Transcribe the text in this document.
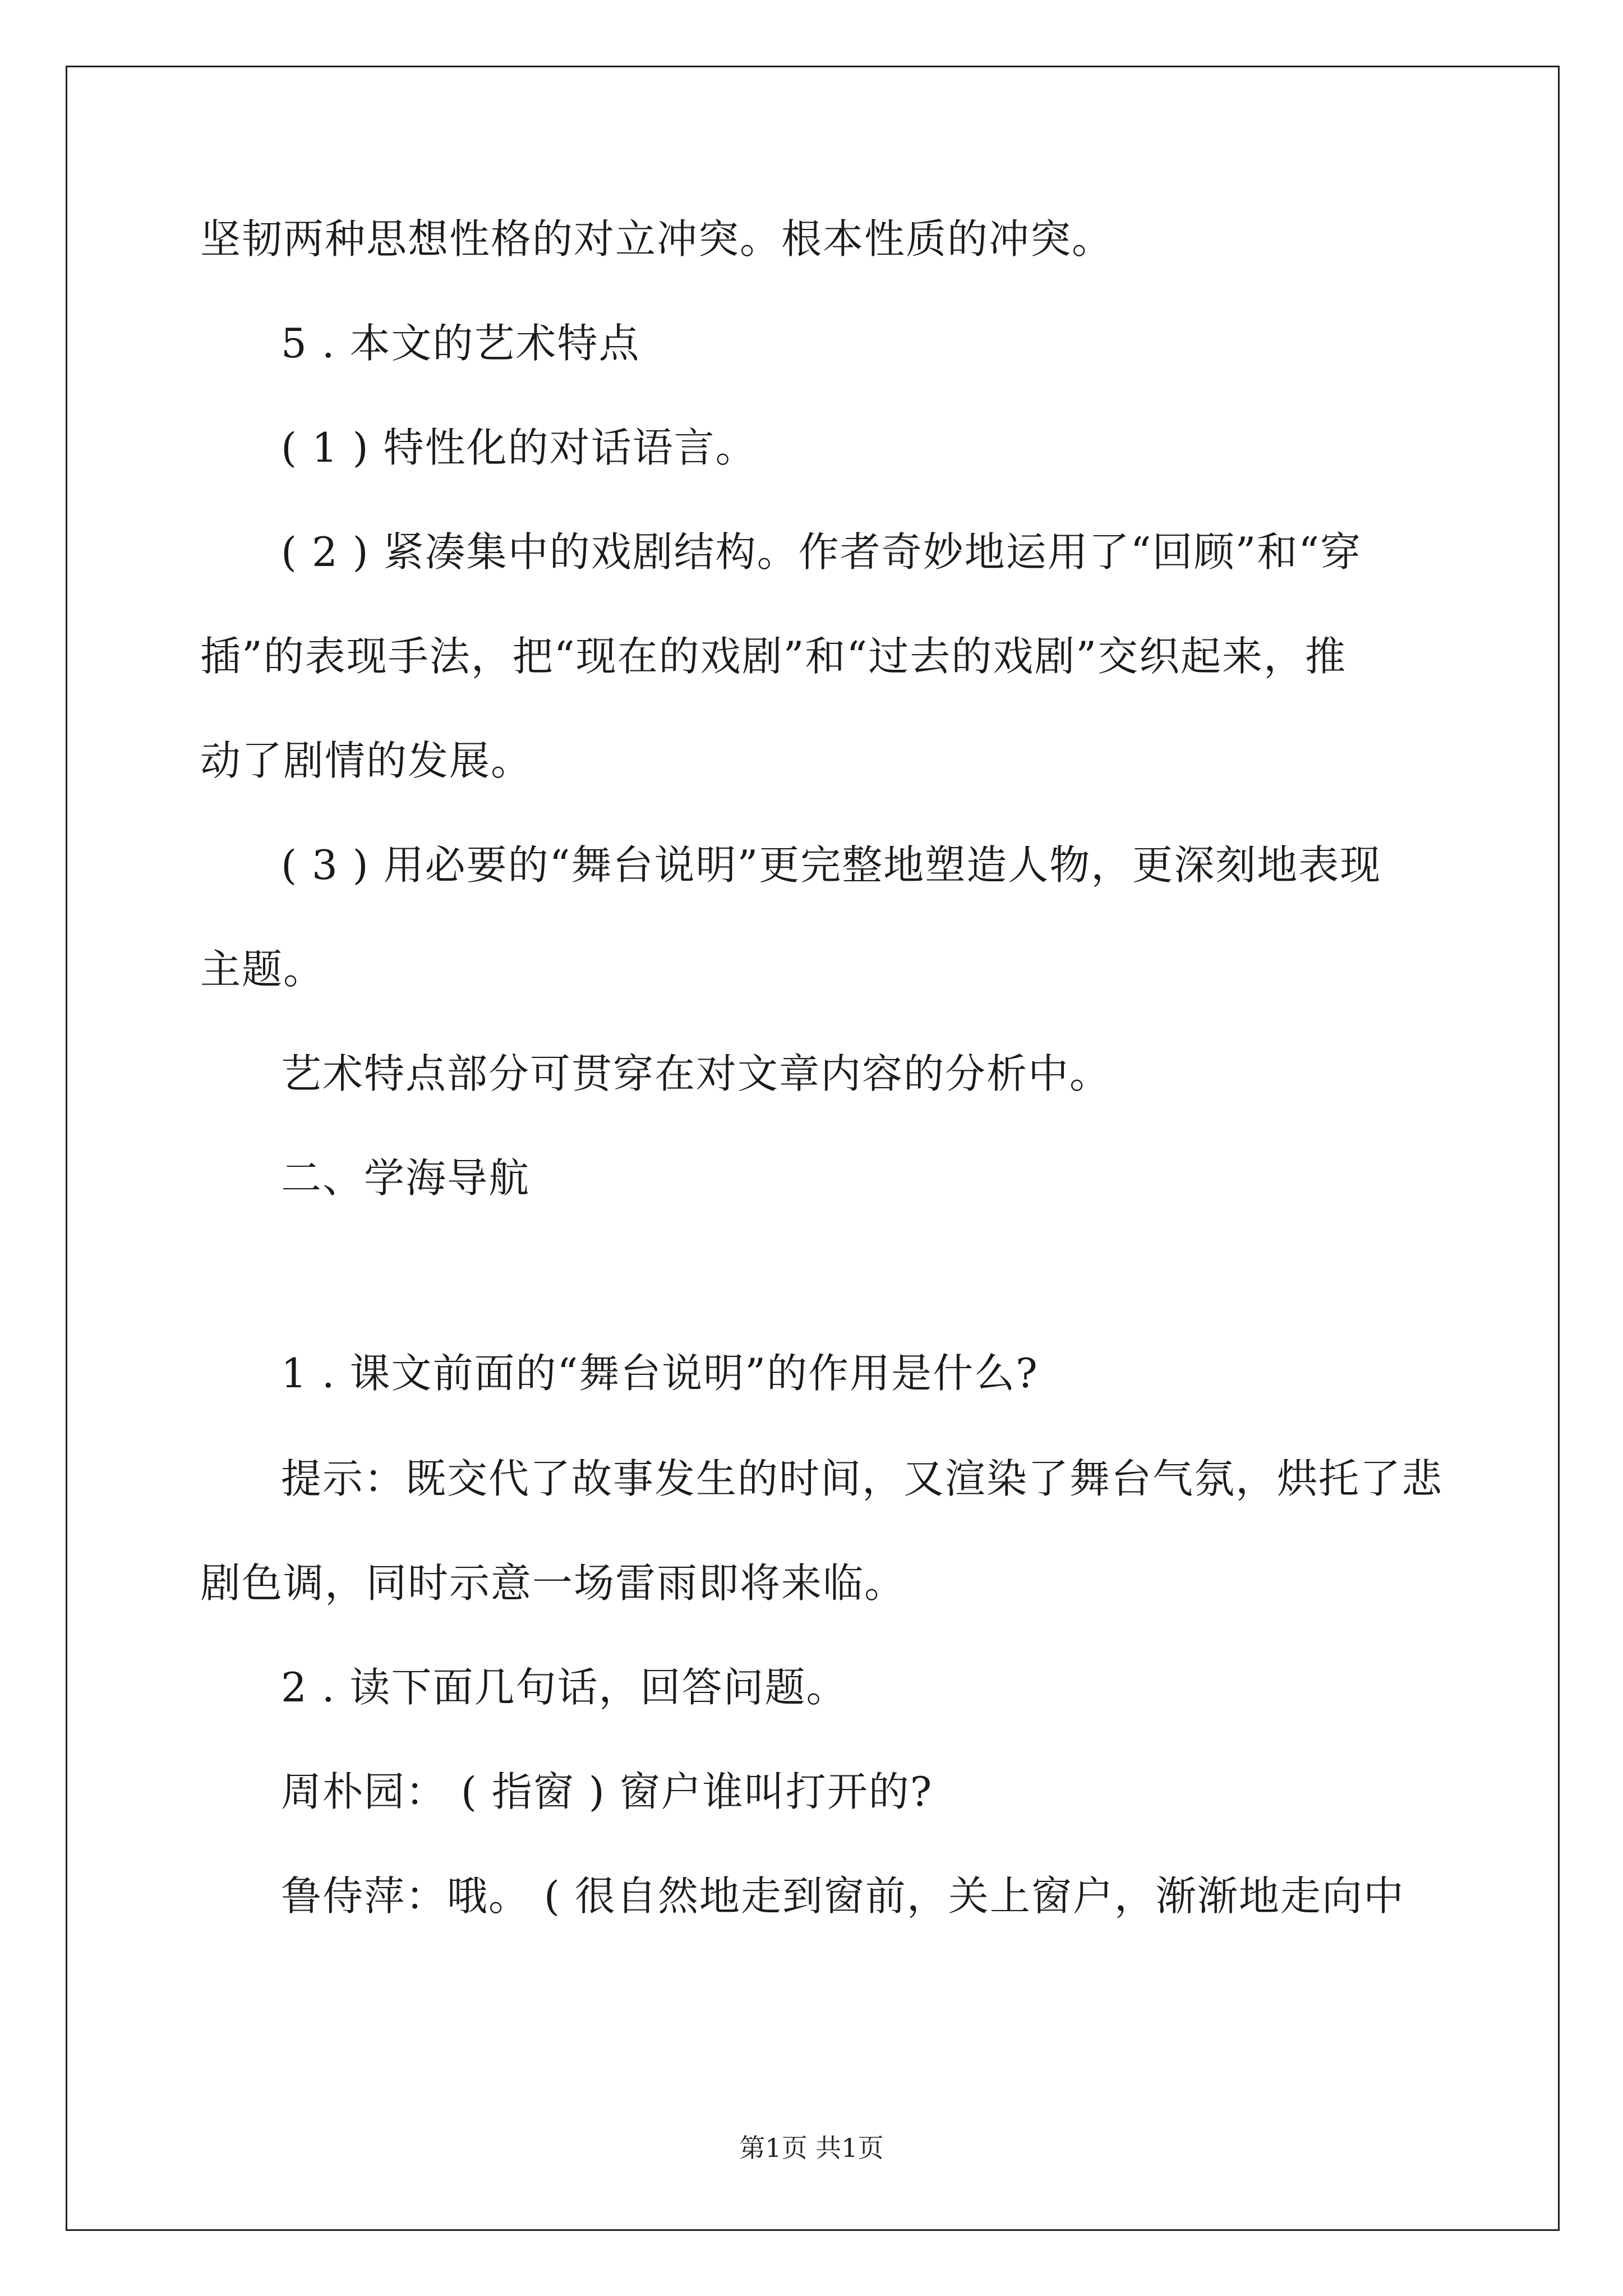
坚韧两种思想性格的对立冲突。根本性质的冲突。
5 . 本文的艺术特点
( 1 ) 特性化的对话语言。
( 2 ) 紧凑集中的戏剧结构。作者奇妙地运用了“回顾”和“穿
插”的表现手法，把“现在的戏剧”和“过去的戏剧”交织起来，推
动了剧情的发展。
( 3 ) 用必要的“舞台说明”更完整地塑造人物，更深刻地表现
主题。
艺术特点部分可贯穿在对文章内容的分析中。
二、学海导航
1 . 课文前面的“舞台说明”的作用是什么?
提示：既交代了故事发生的时间，又渲染了舞台气氛，烘托了悲
剧色调，同时示意一场雷雨即将来临。
2 . 读下面几句话，回答问题。
周朴园： ( 指窗 ) 窗户谁叫打开的?
鲁侍萍：哦。 ( 很自然地走到窗前，关上窗户，渐渐地走向中
第1页 共1页
